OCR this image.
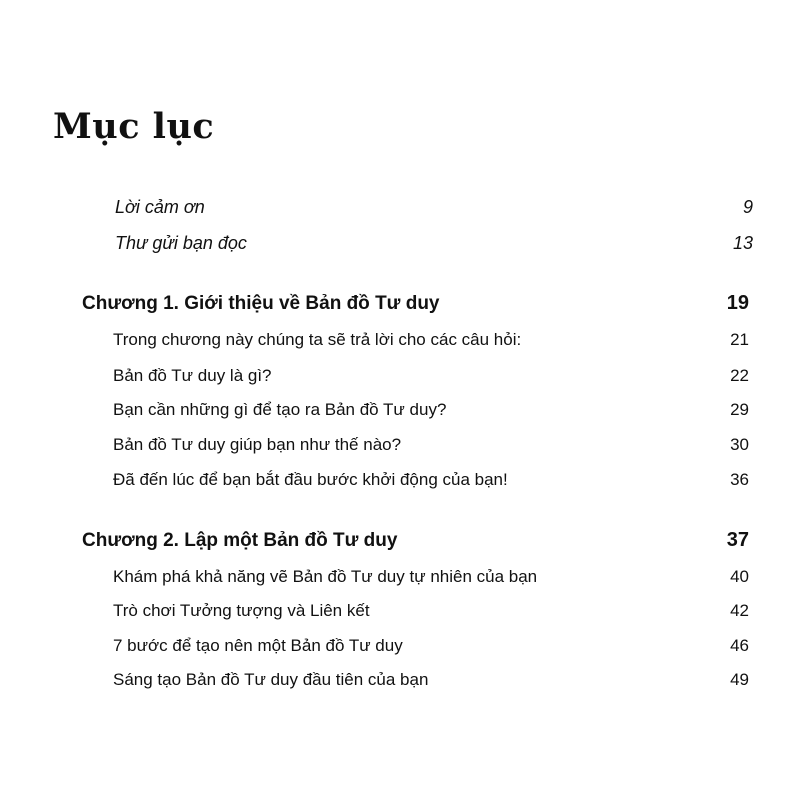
Mục lục
Lời cảm ơn	9
Thư gửi bạn đọc	13
Chương 1. Giới thiệu về Bản đồ Tư duy	19
Trong chương này chúng ta sẽ trả lời cho các câu hỏi:	21
Bản đồ Tư duy là gì?	22
Bạn cần những gì để tạo ra Bản đồ Tư duy?	29
Bản đồ Tư duy giúp bạn như thế nào?	30
Đã đến lúc để bạn bắt đầu bước khởi động của bạn!	36
Chương 2. Lập một Bản đồ Tư duy	37
Khám phá khả năng vẽ Bản đồ Tư duy tự nhiên của bạn	40
Trò chơi Tưởng tượng và Liên kết	42
7 bước để tạo nên một Bản đồ Tư duy	46
Sáng tạo Bản đồ Tư duy đầu tiên của bạn	49
